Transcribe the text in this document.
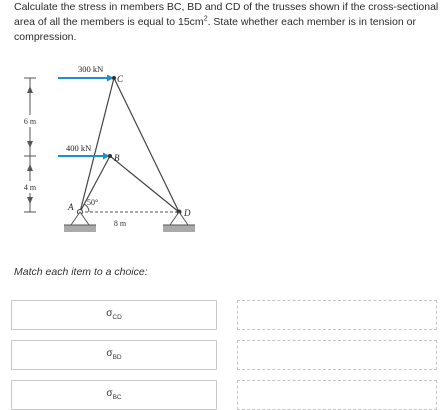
Calculate the stress in members BC, BD and CD of the trusses shown if the cross-sectional area of all the members is equal to $15cm^2$. State whether each member is in tension or compression.
6 m
4 m
300 kN
400 kN
C
B
A
D
50°
8 m
Match each item to a choice:
$\sigma_{CD}$
$\sigma_{BD}$
$\sigma_{BC}$
